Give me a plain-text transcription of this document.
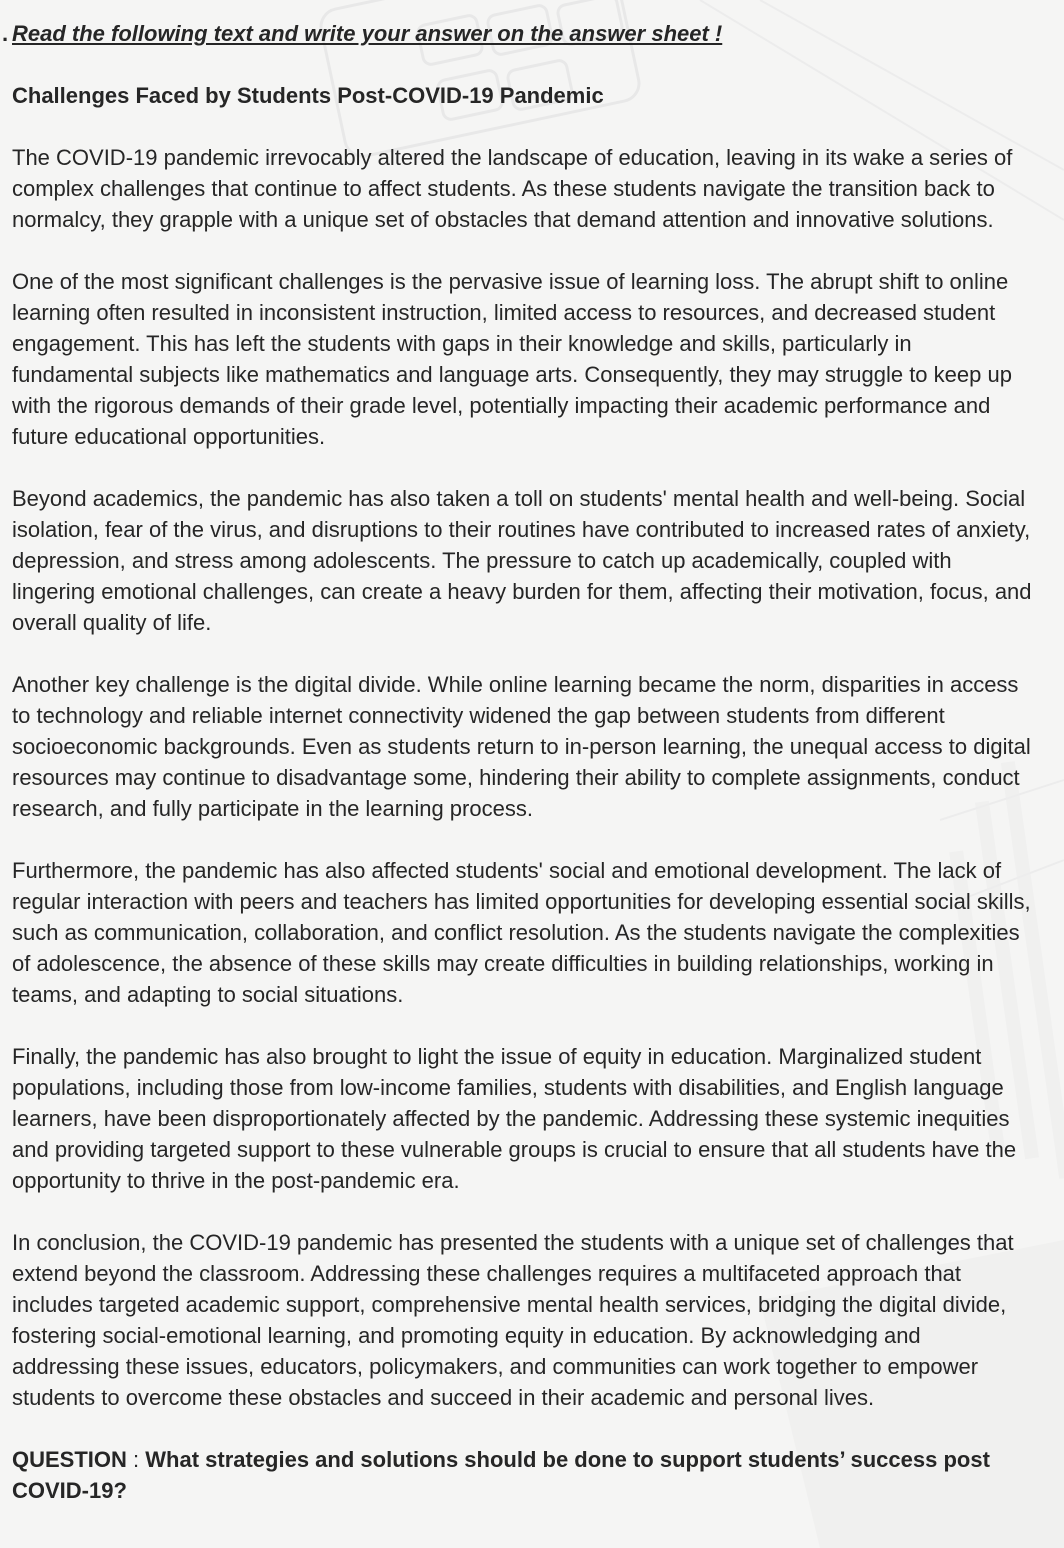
. Read the following text and write your answer on the answer sheet !
Challenges Faced by Students Post-COVID-19 Pandemic

The COVID-19 pandemic irrevocably altered the landscape of education, leaving in its wake a series of complex challenges that continue to affect students. As these students navigate the transition back to normalcy, they grapple with a unique set of obstacles that demand attention and innovative solutions.

One of the most significant challenges is the pervasive issue of learning loss. The abrupt shift to online learning often resulted in inconsistent instruction, limited access to resources, and decreased student engagement. This has left the students with gaps in their knowledge and skills, particularly in fundamental subjects like mathematics and language arts. Consequently, they may struggle to keep up with the rigorous demands of their grade level, potentially impacting their academic performance and future educational opportunities.

Beyond academics, the pandemic has also taken a toll on students' mental health and well-being. Social isolation, fear of the virus, and disruptions to their routines have contributed to increased rates of anxiety, depression, and stress among adolescents. The pressure to catch up academically, coupled with lingering emotional challenges, can create a heavy burden for them, affecting their motivation, focus, and overall quality of life.

Another key challenge is the digital divide. While online learning became the norm, disparities in access to technology and reliable internet connectivity widened the gap between students from different socioeconomic backgrounds. Even as students return to in-person learning, the unequal access to digital resources may continue to disadvantage some, hindering their ability to complete assignments, conduct research, and fully participate in the learning process.

Furthermore, the pandemic has also affected students' social and emotional development. The lack of regular interaction with peers and teachers has limited opportunities for developing essential social skills, such as communication, collaboration, and conflict resolution. As the students navigate the complexities of adolescence, the absence of these skills may create difficulties in building relationships, working in teams, and adapting to social situations.

Finally, the pandemic has also brought to light the issue of equity in education. Marginalized student populations, including those from low-income families, students with disabilities, and English language learners, have been disproportionately affected by the pandemic. Addressing these systemic inequities and providing targeted support to these vulnerable groups is crucial to ensure that all students have the opportunity to thrive in the post-pandemic era.

In conclusion, the COVID-19 pandemic has presented the students with a unique set of challenges that extend beyond the classroom. Addressing these challenges requires a multifaceted approach that includes targeted academic support, comprehensive mental health services, bridging the digital divide, fostering social-emotional learning, and promoting equity in education. By acknowledging and addressing these issues, educators, policymakers, and communities can work together to empower students to overcome these obstacles and succeed in their academic and personal lives.

QUESTION : What strategies and solutions should be done to support students’ success post COVID-19?
